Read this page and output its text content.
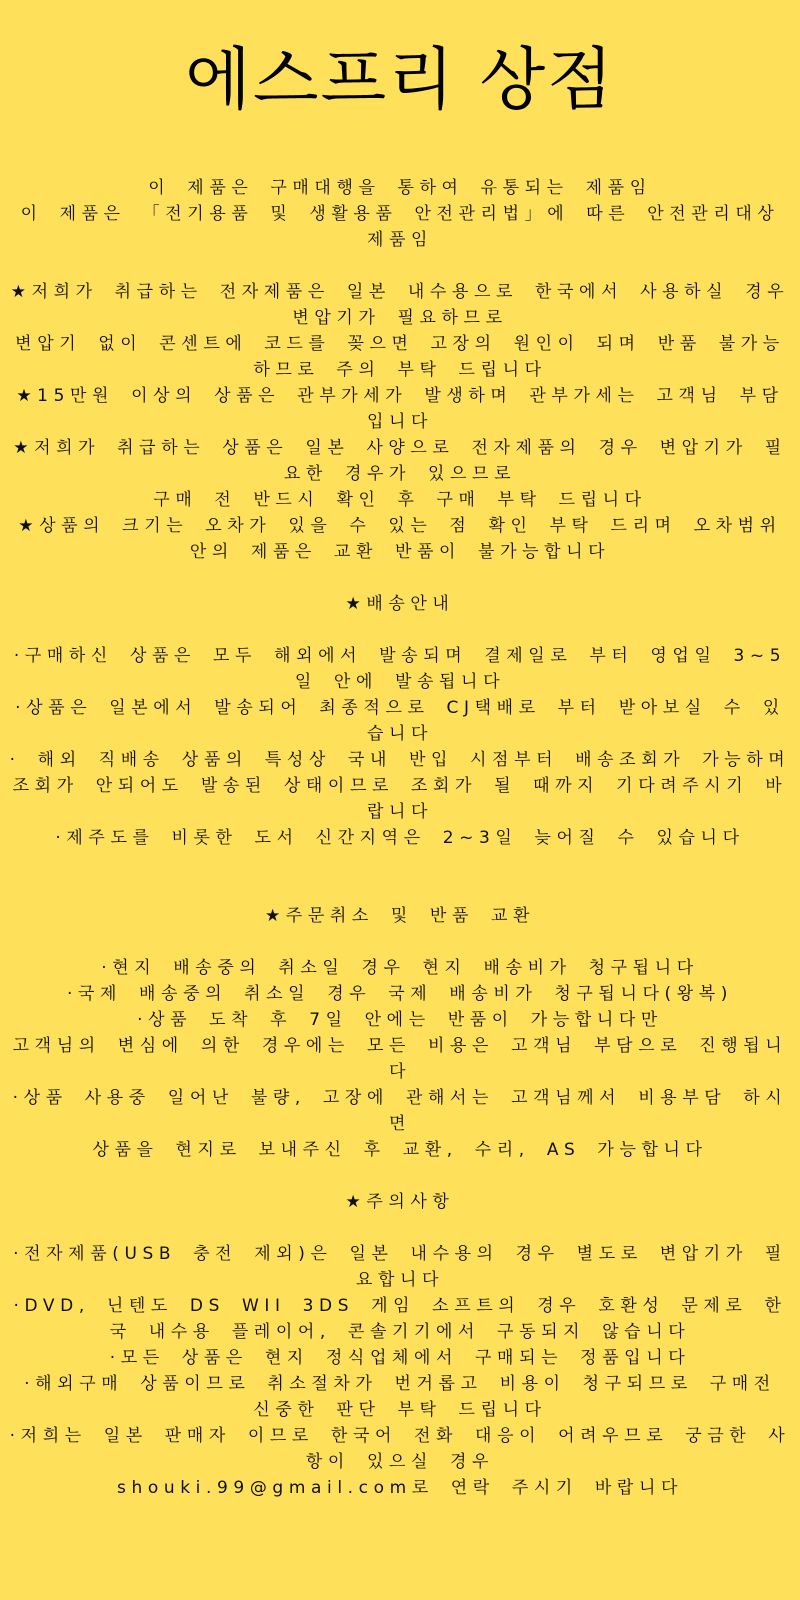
에스프리 상점

이 제품은 구매대행을 통하여 유통되는 제품임

이 제품은 「전기용품 및 생활용품 안전관리법」에 따른 안전관리대상 제품임

★저희가 취급하는 전자제품은 일본 내수용으로 한국에서 사용하실 경우 변압기가 필요하므로

변압기 없이 콘센트에 코드를 꽂으면 고장의 원인이 되며 반품 불가능하므로 주의 부탁 드립니다

★15만원 이상의 상품은 관부가세가 발생하며 관부가세는 고객님 부담입니다

★저희가 취급하는 상품은 일본 사양으로 전자제품의 경우 변압기가 필요한 경우가 있으므로

구매 전 반드시 확인 후 구매 부탁 드립니다

★상품의 크기는 오차가 있을 수 있는 점 확인 부탁 드리며 오차범위 안의 제품은 교환 반품이 불가능합니다

★배송안내

·구매하신 상품은 모두 해외에서 발송되며 결제일로 부터 영업일 3~5일 안에 발송됩니다

·상품은 일본에서 발송되어 최종적으로 CJ택배로 부터 받아보실 수 있습니다

· 해외 직배송 상품의 특성상 국내 반입 시점부터 배송조회가 가능하며

조회가 안되어도 발송된 상태이므로 조회가 될 때까지 기다려주시기 바랍니다

·제주도를 비롯한 도서 신간지역은 2~3일 늦어질 수 있습니다

★주문취소 및 반품 교환

·현지 배송중의 취소일 경우 현지 배송비가 청구됩니다

·국제 배송중의 취소일 경우 국제 배송비가 청구됩니다(왕복)

·상품 도착 후 7일 안에는 반품이 가능합니다만

고객님의 변심에 의한 경우에는 모든 비용은 고객님 부담으로 진행됩니다

·상품 사용중 일어난 불량, 고장에 관해서는 고객님께서 비용부담 하시면

상품을 현지로 보내주신 후 교환, 수리, AS 가능합니다

★주의사항

·전자제품(USB 충전 제외)은 일본 내수용의 경우 별도로 변압기가 필요합니다

·DVD, 닌텐도 DS WII 3DS 게임 소프트의 경우 호환성 문제로 한국 내수용 플레이어, 콘솔기기에서 구동되지 않습니다

·모든 상품은 현지 정식업체에서 구매되는 정품입니다

·해외구매 상품이므로 취소절차가 번거롭고 비용이 청구되므로 구매전 신중한 판단 부탁 드립니다

·저희는 일본 판매자 이므로 한국어 전화 대응이 어려우므로 궁금한 사항이 있으실 경우

shouki.99@gmail.com로 연락 주시기 바랍니다
